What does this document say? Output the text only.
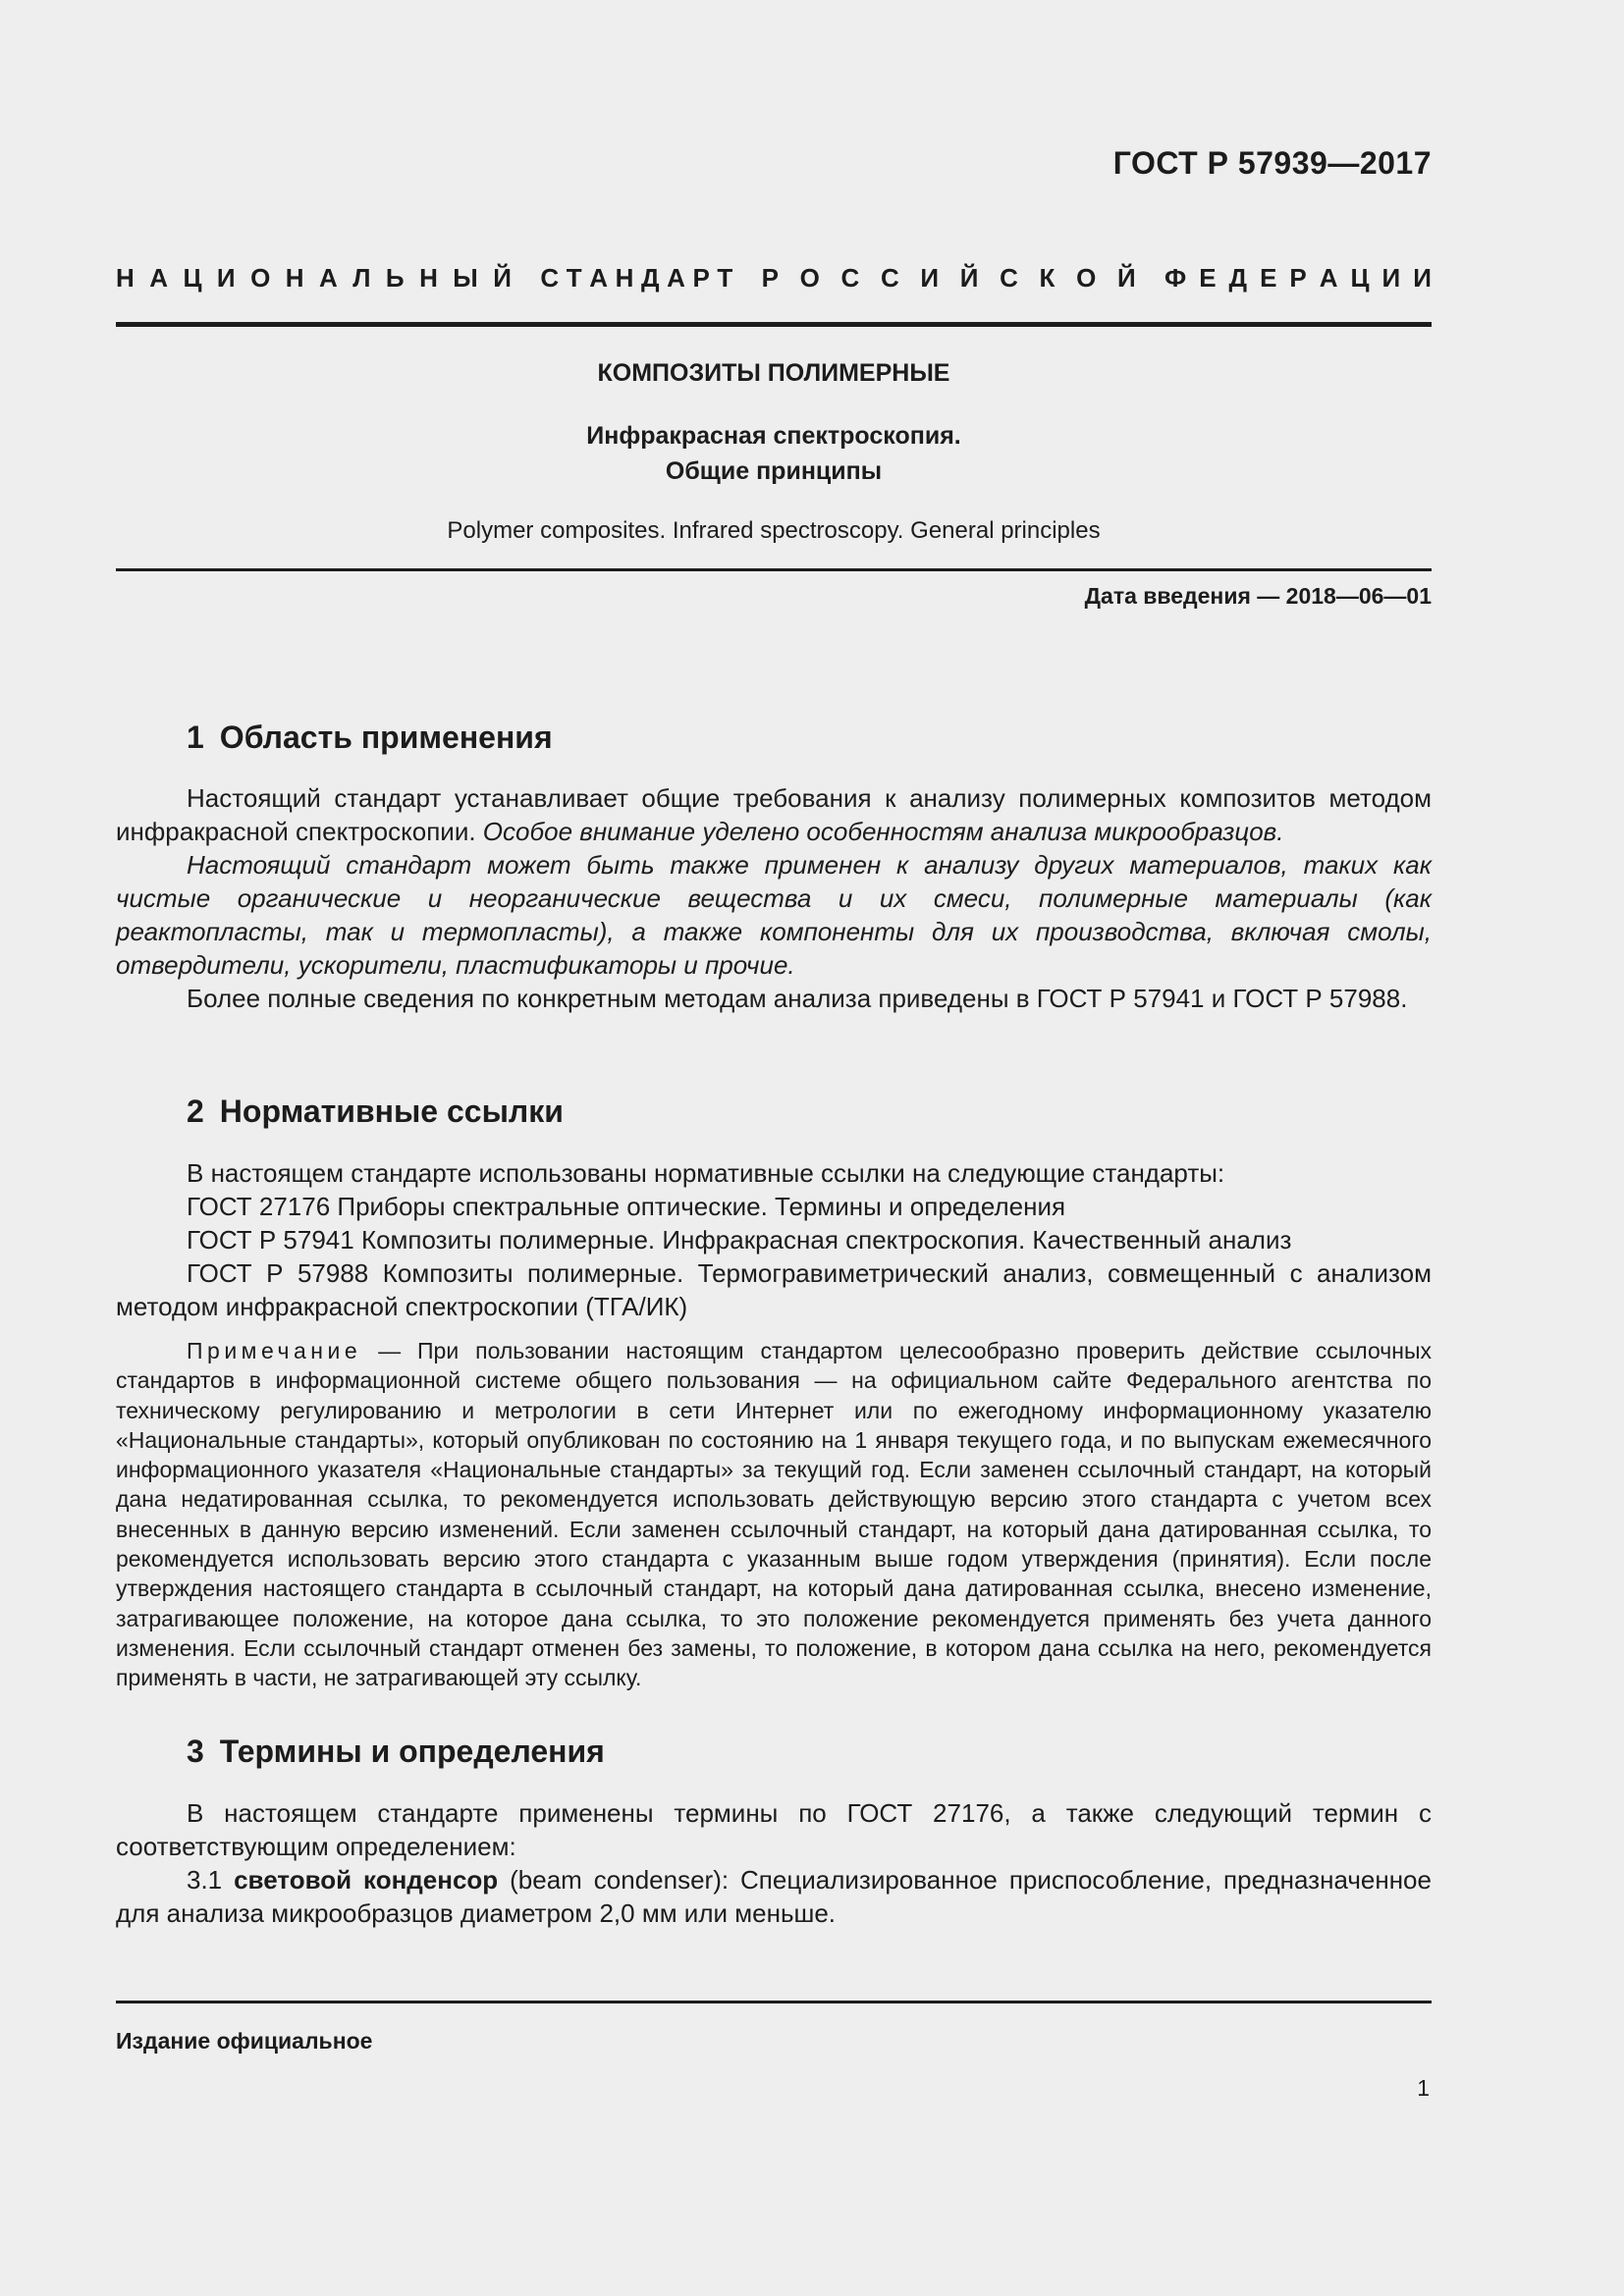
ГОСТ Р 57939—2017
Н А Ц И О Н А Л Ь Н Ы Й С Т А Н Д А Р Т Р О С С И Й С К О Й Ф Е Д Е Р А Ц И И
КОМПОЗИТЫ ПОЛИМЕРНЫЕ
Инфракрасная спектроскопия.
Общие принципы
Polymer composites. Infrared spectroscopy. General principles
Дата введения — 2018—06—01
1 Область применения
Настоящий стандарт устанавливает общие требования к анализу полимерных композитов методом инфракрасной спектроскопии. Особое внимание уделено особенностям анализа микрообразцов.
Настоящий стандарт может быть также применен к анализу других материалов, таких как чистые органические и неорганические вещества и их смеси, полимерные материалы (как реактопласты, так и термопласты), а также компоненты для их производства, включая смолы, отвердители, ускорители, пластификаторы и прочие.
Более полные сведения по конкретным методам анализа приведены в ГОСТ Р 57941 и ГОСТ Р 57988.
2 Нормативные ссылки
В настоящем стандарте использованы нормативные ссылки на следующие стандарты:
ГОСТ 27176 Приборы спектральные оптические. Термины и определения
ГОСТ Р 57941 Композиты полимерные. Инфракрасная спектроскопия. Качественный анализ
ГОСТ Р 57988 Композиты полимерные. Термогравиметрический анализ, совмещенный с анализом методом инфракрасной спектроскопии (ТГА/ИК)
Примечание — При пользовании настоящим стандартом целесообразно проверить действие ссылочных стандартов в информационной системе общего пользования — на официальном сайте Федерального агентства по техническому регулированию и метрологии в сети Интернет или по ежегодному информационному указателю «Национальные стандарты», который опубликован по состоянию на 1 января текущего года, и по выпускам ежемесячного информационного указателя «Национальные стандарты» за текущий год. Если заменен ссылочный стандарт, на который дана недатированная ссылка, то рекомендуется использовать действующую версию этого стандарта с учетом всех внесенных в данную версию изменений. Если заменен ссылочный стандарт, на который дана датированная ссылка, то рекомендуется использовать версию этого стандарта с указанным выше годом утверждения (принятия). Если после утверждения настоящего стандарта в ссылочный стандарт, на который дана датированная ссылка, внесено изменение, затрагивающее положение, на которое дана ссылка, то это положение рекомендуется применять без учета данного изменения. Если ссылочный стандарт отменен без замены, то положение, в котором дана ссылка на него, рекомендуется применять в части, не затрагивающей эту ссылку.
3 Термины и определения
В настоящем стандарте применены термины по ГОСТ 27176, а также следующий термин с соответствующим определением:
3.1 световой конденсор (beam condenser): Специализированное приспособление, предназначенное для анализа микрообразцов диаметром 2,0 мм или меньше.
Издание официальное
1
